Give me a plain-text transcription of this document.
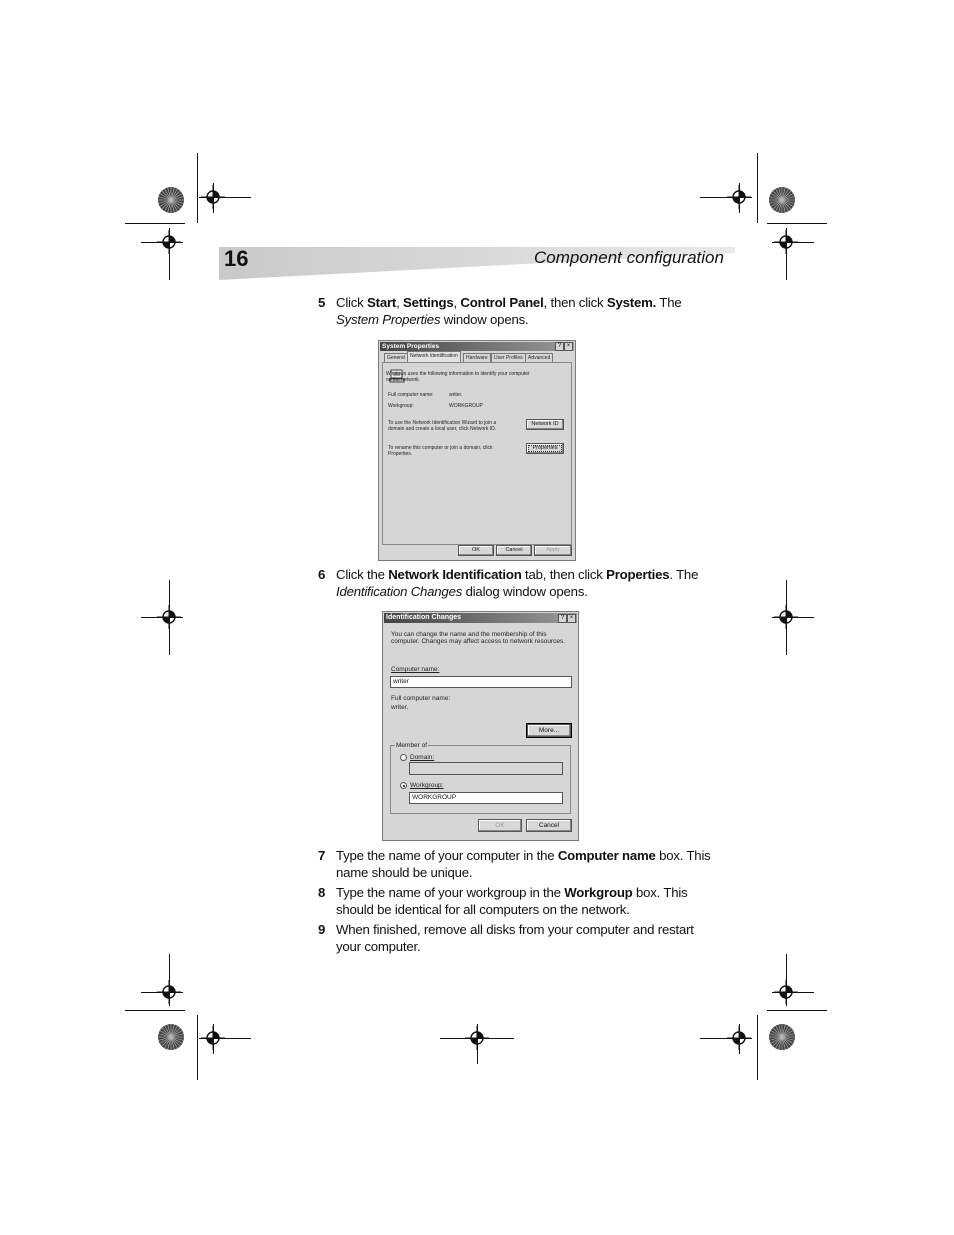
16	Component configuration
5 Click Start, Settings, Control Panel, then click System. The System Properties window opens.
System Properties	? ×
General	Network Identification	Hardware	User Profiles	Advanced
Windows uses the following information to identify your computer
on the network.
Full computer name:	writer.
Workgroup:	WORKGROUP
To use the Network Identification Wizard to join a
domain and create a local user, click Network ID.
Network ID
To rename this computer or join a domain, click
Properties.
Properties
OK	Cancel	Apply
6 Click the Network Identification tab, then click Properties. The Identification Changes dialog window opens.
Identification Changes	? ×
You can change the name and the membership of this
computer. Changes may affect access to network resources.
Computer name:
writer
Full computer name:
writer.
More...
Member of
Domain:
Workgroup:
WORKGROUP
OK	Cancel
7 Type the name of your computer in the Computer name box. This name should be unique.
8 Type the name of your workgroup in the Workgroup box. This should be identical for all computers on the network.
9 When finished, remove all disks from your computer and restart your computer.
